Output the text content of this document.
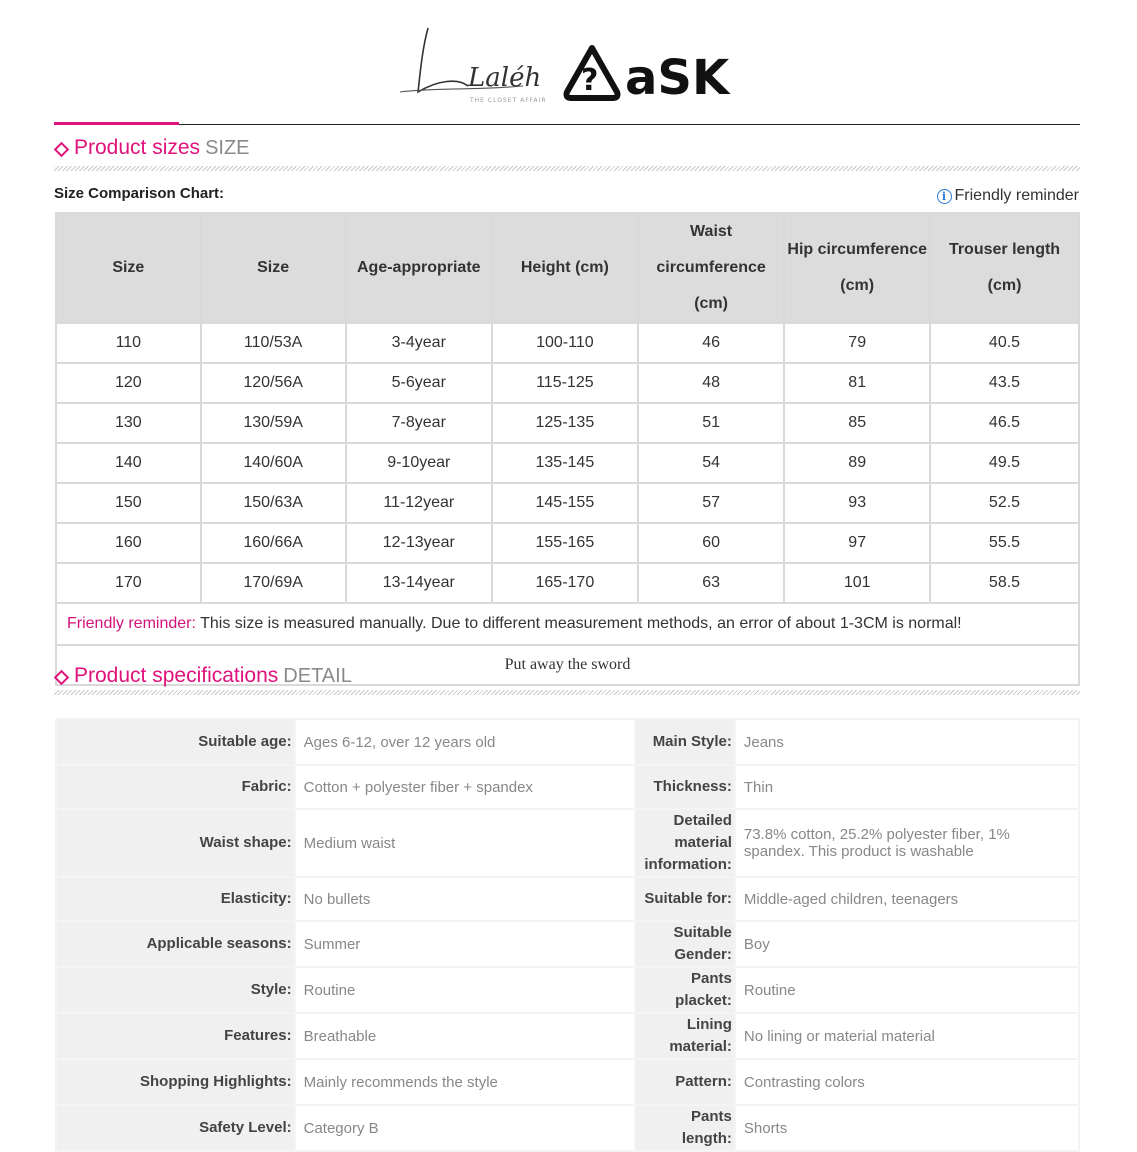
Laléh
THE CLOSET AFFAIR
? aSK
Product sizes SIZE
Size Comparison Chart:	i Friendly reminder
Size	Size	Age-appropriate	Height (cm)	Waist circumference (cm)	Hip circumference (cm)	Trouser length (cm)
110	110/53A	3-4year	100-110	46	79	40.5
120	120/56A	5-6year	115-125	48	81	43.5
130	130/59A	7-8year	125-135	51	85	46.5
140	140/60A	9-10year	135-145	54	89	49.5
150	150/63A	11-12year	145-155	57	93	52.5
160	160/66A	12-13year	155-165	60	97	55.5
170	170/69A	13-14year	165-170	63	101	58.5
Friendly reminder: This size is measured manually. Due to different measurement methods, an error of about 1-3CM is normal!						
Put away the sword						
Product specifications DETAIL
Suitable age:	Ages 6-12, over 12 years old	Main Style:	Jeans
Fabric:	Cotton + polyester fiber + spandex	Thickness:	Thin
Waist shape:	Medium waist	Detailed material information:	73.8% cotton, 25.2% polyester fiber, 1% spandex. This product is washable
Elasticity:	No bullets	Suitable for:	Middle-aged children, teenagers
Applicable seasons:	Summer	Suitable Gender:	Boy
Style:	Routine	Pants placket:	Routine
Features:	Breathable	Lining material:	No lining or material material
Shopping Highlights:	Mainly recommends the style	Pattern:	Contrasting colors
Safety Level:	Category B	Pants length:	Shorts
